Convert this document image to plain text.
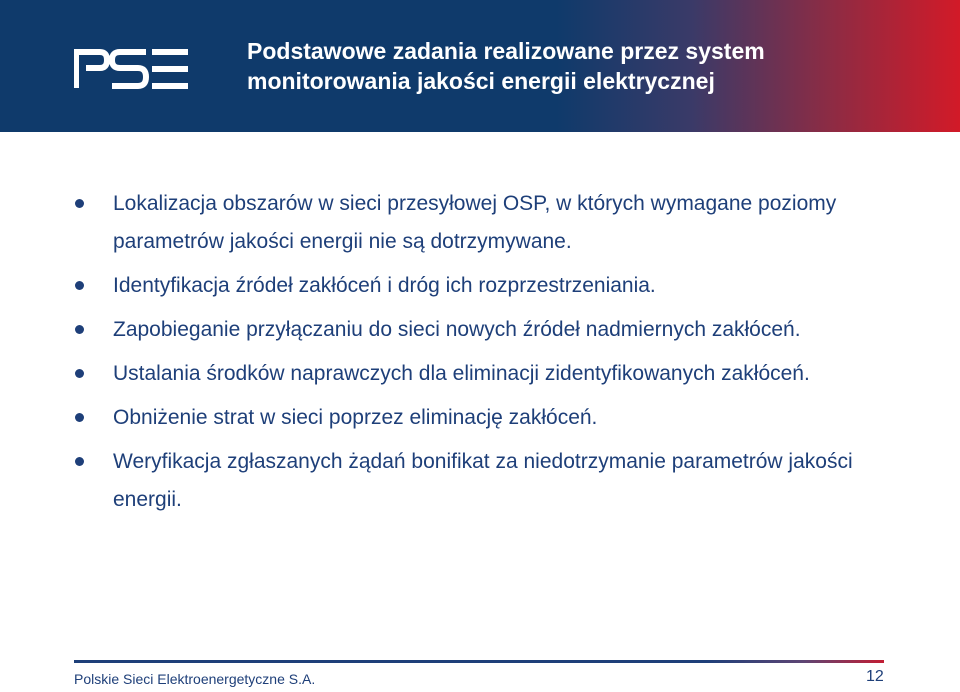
Podstawowe zadania realizowane przez system
monitorowania jakości energii elektrycznej
Lokalizacja obszarów w sieci przesyłowej OSP, w których wymagane poziomy parametrów jakości energii nie są dotrzymywane.
Identyfikacja źródeł zakłóceń i dróg ich rozprzestrzeniania.
Zapobieganie przyłączaniu do sieci nowych źródeł nadmiernych zakłóceń.
Ustalania środków naprawczych dla eliminacji zidentyfikowanych zakłóceń.
Obniżenie strat w sieci poprzez eliminację zakłóceń.
Weryfikacja zgłaszanych żądań bonifikat za niedotrzymanie parametrów jakości energii.
Polskie Sieci Elektroenergetyczne S.A.	12
